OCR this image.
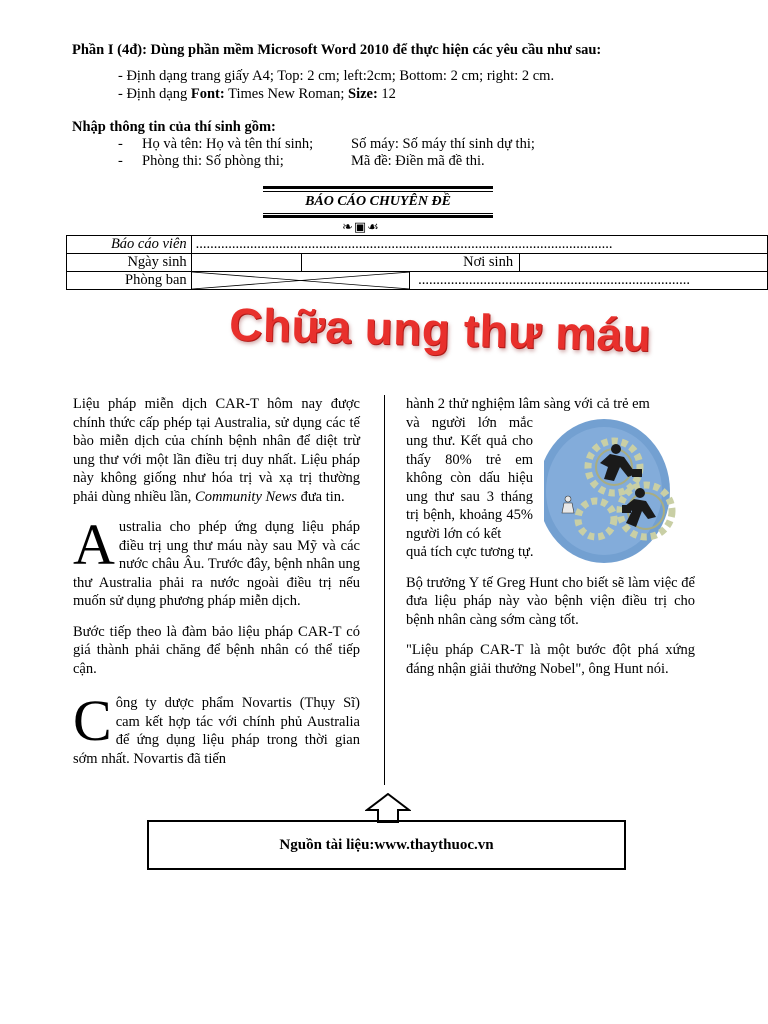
Phần I (4đ): Dùng phần mềm Microsoft Word 2010 để thực hiện các yêu cầu như sau:
- Định dạng trang giấy A4; Top: 2 cm; left:2cm; Bottom: 2 cm; right: 2 cm.
- Định dạng Font: Times New Roman; Size: 12
Nhập thông tin của thí sinh gồm:
- Họ và tên: Họ và tên thí sinh;	Số máy: Số máy thí sinh dự thi;
- Phòng thi: Số phòng thi;	Mã đề: Điền mã đề thi.
BÁO CÁO CHUYÊN ĐỀ
❧▣☙
Báo cáo viên	...................................................................................................................			
Ngày sinh		Nơi sinh		
Phòng ban			...........................................................................	
Chữa ung thư máu

Liệu pháp miễn dịch CAR-T hôm nay được chính thức cấp phép tại Australia, sử dụng các tế bào miễn dịch của chính bệnh nhân để diệt trừ ung thư với một lần điều trị duy nhất. Liệu pháp này không giống như hóa trị và xạ trị thường phải dùng nhiều lần, Community News đưa tin.

Australia cho phép ứng dụng liệu pháp điều trị ung thư máu này sau Mỹ và các nước châu Âu. Trước đây, bệnh nhân ung thư Australia phải ra nước ngoài điều trị nếu muốn sử dụng phương pháp miễn dịch.

Bước tiếp theo là đàm bảo liệu pháp CAR-T có giá thành phải chăng để bệnh nhân có thể tiếp cận.

Công ty dược phẩm Novartis (Thụy Sĩ) cam kết hợp tác với chính phủ Australia để ứng dụng liệu pháp trong thời gian sớm nhất. Novartis đã tiến

hành 2 thử nghiệm lâm sàng với cả trẻ em

và người lớn mắc ung thư. Kết quả cho thấy 80% trẻ em không còn dấu hiệu ung thư sau 3 tháng trị bệnh, khoảng 45% người lớn có kết

quả tích cực tương tự.

Bộ trưởng Y tế Greg Hunt cho biết sẽ làm việc để đưa liệu pháp này vào bệnh viện điều trị cho bệnh nhân càng sớm càng tốt.

"Liệu pháp CAR-T là một bước đột phá xứng đáng nhận giải thưởng Nobel", ông Hunt nói.

Nguồn tài liệu:www.thaythuoc.vn
